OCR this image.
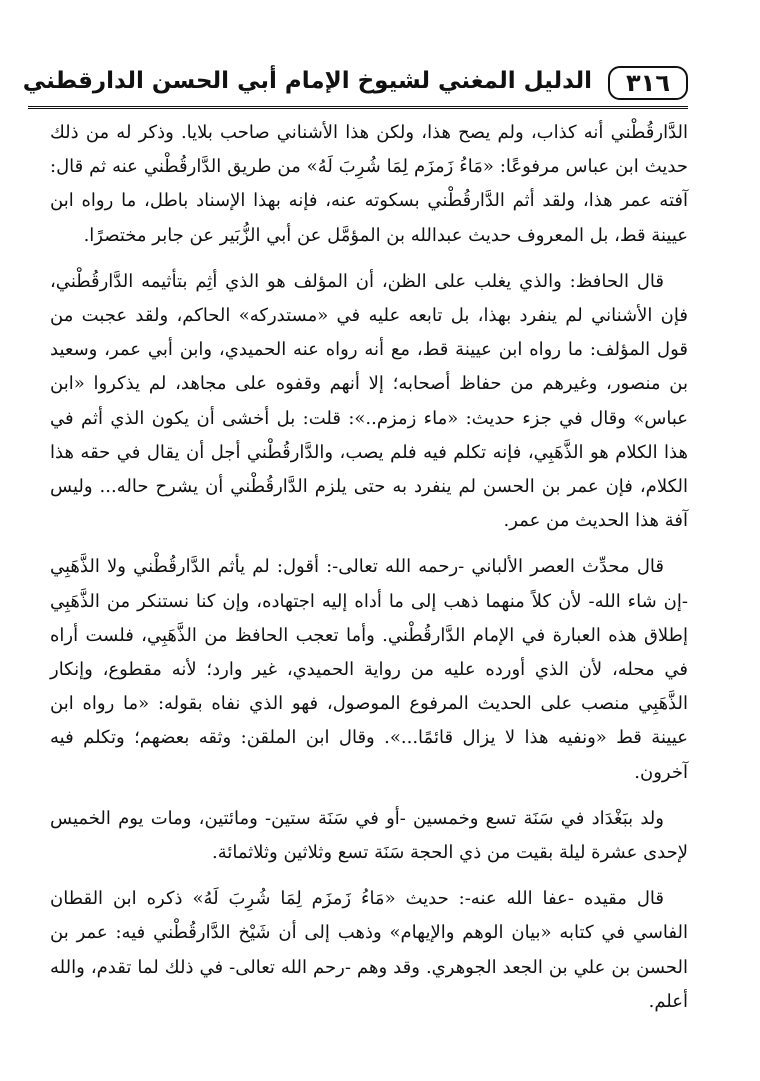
٣١٦
الدليل المغني لشيوخ الإمام أبي الحسن الدارقطني

الدَّارقُطْني أنه كذاب، ولم يصح هذا، ولكن هذا الأشناني صاحب بلايا. وذكر له من ذلك حديث ابن عباس مرفوعًا: «مَاءُ زَمزَم لِمَا شُرِبَ لَهُ» من طريق الدَّارقُطْني عنه ثم قال: آفته عمر هذا، ولقد أثم الدَّارقُطْني بسكوته عنه، فإنه بهذا الإسناد باطل، ما رواه ابن عيينة قط، بل المعروف حديث عبدالله بن المؤمَّل عن أبي الزُّبَير عن جابر مختصرًا.

قال الحافظ: والذي يغلب على الظن، أن المؤلف هو الذي أثِم بتأثيمه الدَّارقُطْني، فإن الأشناني لم ينفرد بهذا، بل تابعه عليه في «مستدركه» الحاكم، ولقد عجبت من قول المؤلف: ما رواه ابن عيينة قط، مع أنه رواه عنه الحميدي، وابن أبي عمر، وسعيد بن منصور، وغيرهم من حفاظ أصحابه؛ إلا أنهم وقفوه على مجاهد، لم يذكروا «ابن عباس» وقال في جزء حديث: «ماء زمزم..»: قلت: بل أخشى أن يكون الذي أثم في هذا الكلام هو الذَّهَبِي، فإنه تكلم فيه فلم يصب، والدَّارقُطْني أجل أن يقال في حقه هذا الكلام، فإن عمر بن الحسن لم ينفرد به حتى يلزم الدَّارقُطْني أن يشرح حاله... وليس آفة هذا الحديث من عمر.

قال محدِّث العصر الألباني -رحمه الله تعالى-: أقول: لم يأثم الدَّارقُطْني ولا الذَّهَبِي -إن شاء الله- لأن كلاً منهما ذهب إلى ما أداه إليه اجتهاده، وإن كنا نستنكر من الذَّهَبِي إطلاق هذه العبارة في الإمام الدَّارقُطْني. وأما تعجب الحافظ من الذَّهَبِي، فلست أراه في محله، لأن الذي أورده عليه من رواية الحميدي، غير وارد؛ لأنه مقطوع، وإنكار الذَّهَبِي منصب على الحديث المرفوع الموصول، فهو الذي نفاه بقوله: «ما رواه ابن عيينة قط «ونفيه هذا لا يزال قائمًا...». وقال ابن الملقن: وثقه بعضهم؛ وتكلم فيه آخرون.

ولد ببَغْدَاد في سَنَة تسع وخمسين -أو في سَنَة ستين- ومائتين، ومات يوم الخميس لإحدى عشرة ليلة بقيت من ذي الحجة سَنَة تسع وثلاثين وثلاثمائة.

قال مقيده -عفا الله عنه-: حديث «مَاءُ زَمزَم لِمَا شُرِبَ لَهُ» ذكره ابن القطان الفاسي في كتابه «بيان الوهم والإيهام» وذهب إلى أن شَيْخ الدَّارقُطْني فيه: عمر بن الحسن بن علي بن الجعد الجوهري. وقد وهم -رحم الله تعالى- في ذلك لما تقدم، والله أعلم.
